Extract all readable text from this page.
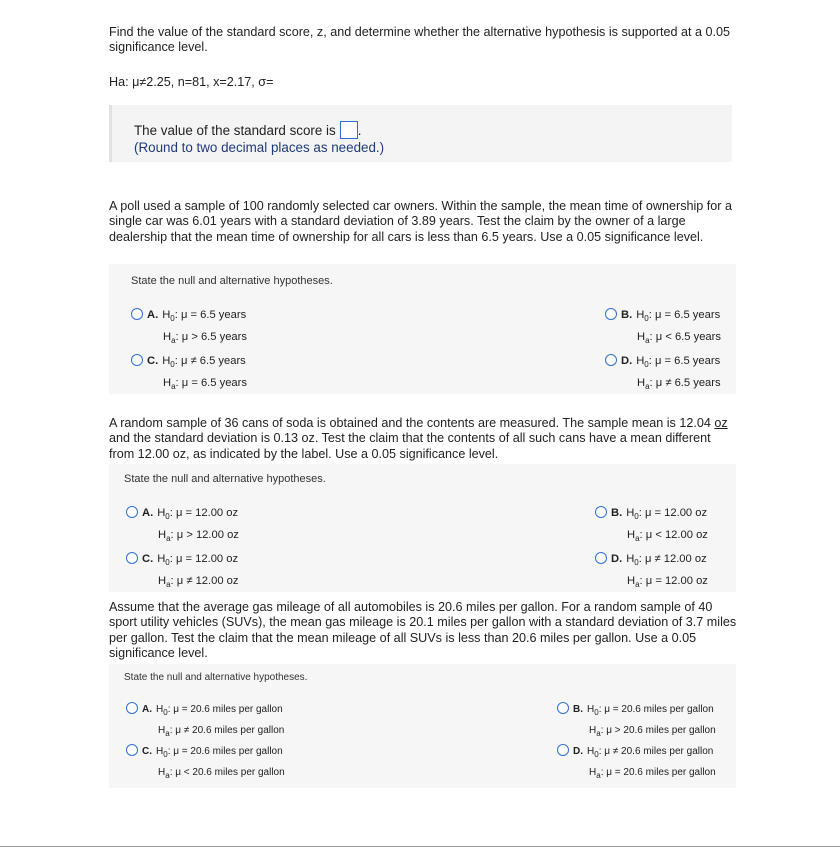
Find the value of the standard score, z, and determine whether the alternative hypothesis is supported at a 0.05 significance level.
Ha: μ≠2.25, n=81, x=2.17, σ=
The value of the standard score is .
(Round to two decimal places as needed.)
A poll used a sample of 100 randomly selected car owners. Within the sample, the mean time of ownership for a single car was 6.01 years with a standard deviation of 3.89 years. Test the claim by the owner of a large dealership that the mean time of ownership for all cars is less than 6.5 years. Use a 0.05 significance level.
State the null and alternative hypotheses.
A. $H_0$: μ = 6.5 years
$H_a$: μ > 6.5 years
B. $H_0$: μ = 6.5 years
$H_a$: μ < 6.5 years
C. $H_0$: μ ≠ 6.5 years
$H_a$: μ = 6.5 years
D. $H_0$: μ = 6.5 years
$H_a$: μ ≠ 6.5 years
A random sample of 36 cans of soda is obtained and the contents are measured. The sample mean is 12.04 oz and the standard deviation is 0.13 oz. Test the claim that the contents of all such cans have a mean different from 12.00 oz, as indicated by the label. Use a 0.05 significance level.
State the null and alternative hypotheses.
A. $H_0$: μ = 12.00 oz
$H_a$: μ > 12.00 oz
B. $H_0$: μ = 12.00 oz
$H_a$: μ < 12.00 oz
C. $H_0$: μ = 12.00 oz
$H_a$: μ ≠ 12.00 oz
D. $H_0$: μ ≠ 12.00 oz
$H_a$: μ = 12.00 oz
Assume that the average gas mileage of all automobiles is 20.6 miles per gallon. For a random sample of 40 sport utility vehicles (SUVs), the mean gas mileage is 20.1 miles per gallon with a standard deviation of 3.7 miles per gallon. Test the claim that the mean mileage of all SUVs is less than 20.6 miles per gallon. Use a 0.05 significance level.
State the null and alternative hypotheses.
A. $H_0$: μ = 20.6 miles per gallon
$H_a$: μ ≠ 20.6 miles per gallon
B. $H_0$: μ = 20.6 miles per gallon
$H_a$: μ > 20.6 miles per gallon
C. $H_0$: μ = 20.6 miles per gallon
$H_a$: μ < 20.6 miles per gallon
D. $H_0$: μ ≠ 20.6 miles per gallon
$H_a$: μ = 20.6 miles per gallon
